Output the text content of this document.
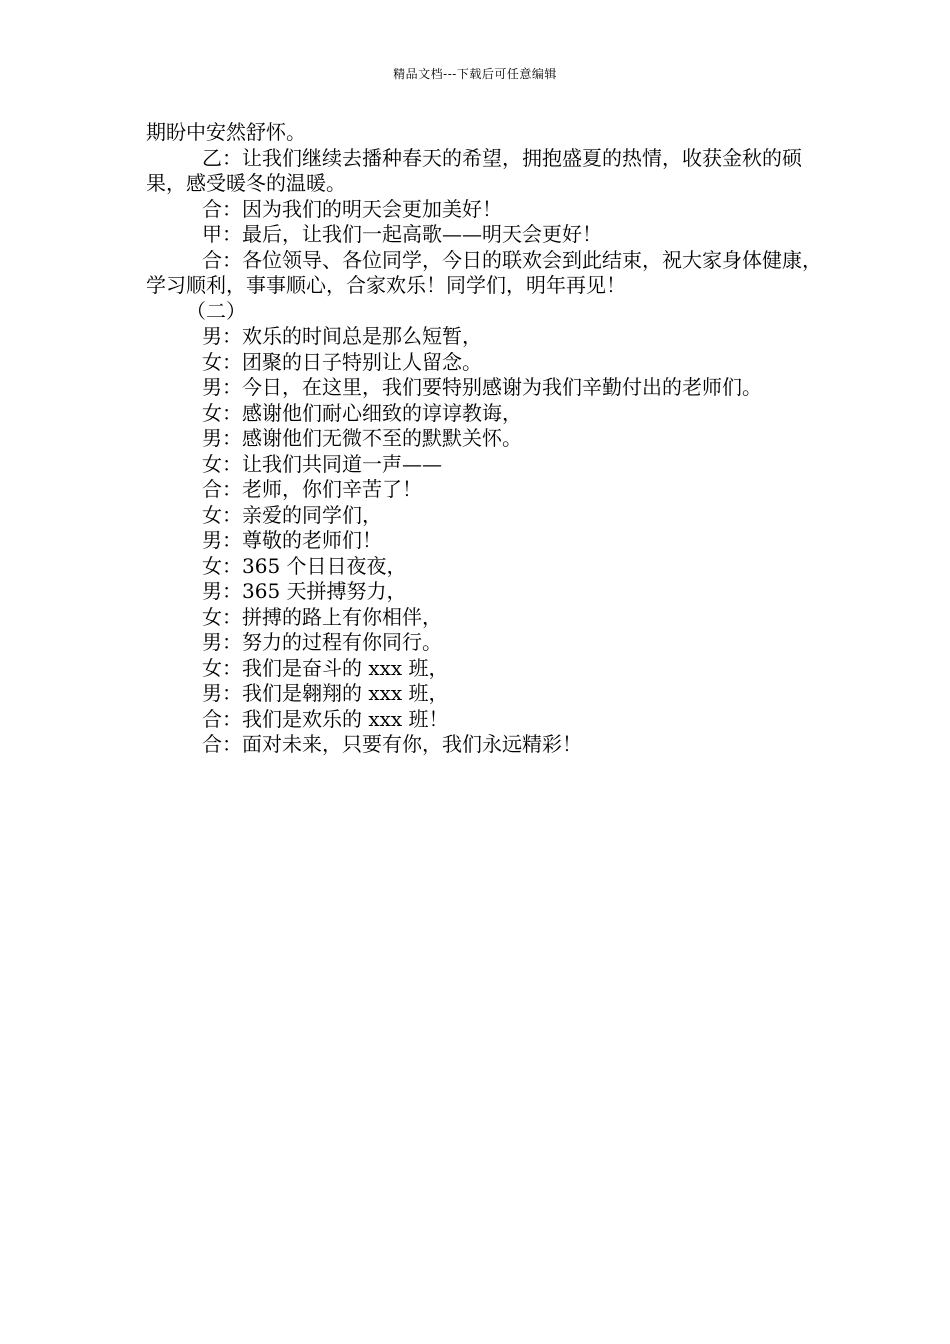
精品文档---下载后可任意编辑

期盼中安然舒怀。

乙：让我们继续去播种春天的希望，拥抱盛夏的热情，收获金秋的硕果，感受暖冬的温暖。

合：因为我们的明天会更加美好！

甲：最后，让我们一起高歌——明天会更好！

合：各位领导、各位同学，今日的联欢会到此结束，祝大家身体健康，学习顺利，事事顺心，合家欢乐！同学们，明年再见！

（二）

男：欢乐的时间总是那么短暂，

女：团聚的日子特别让人留念。

男：今日，在这里，我们要特别感谢为我们辛勤付出的老师们。

女：感谢他们耐心细致的谆谆教诲，

男：感谢他们无微不至的默默关怀。

女：让我们共同道一声——

合：老师，你们辛苦了！

女：亲爱的同学们，

男：尊敬的老师们！

女：365 个日日夜夜，

男：365 天拼搏努力，

女：拼搏的路上有你相伴，

男：努力的过程有你同行。

女：我们是奋斗的 xxx 班，

男：我们是翱翔的 xxx 班，

合：我们是欢乐的 xxx 班！

合：面对未来，只要有你，我们永远精彩！
